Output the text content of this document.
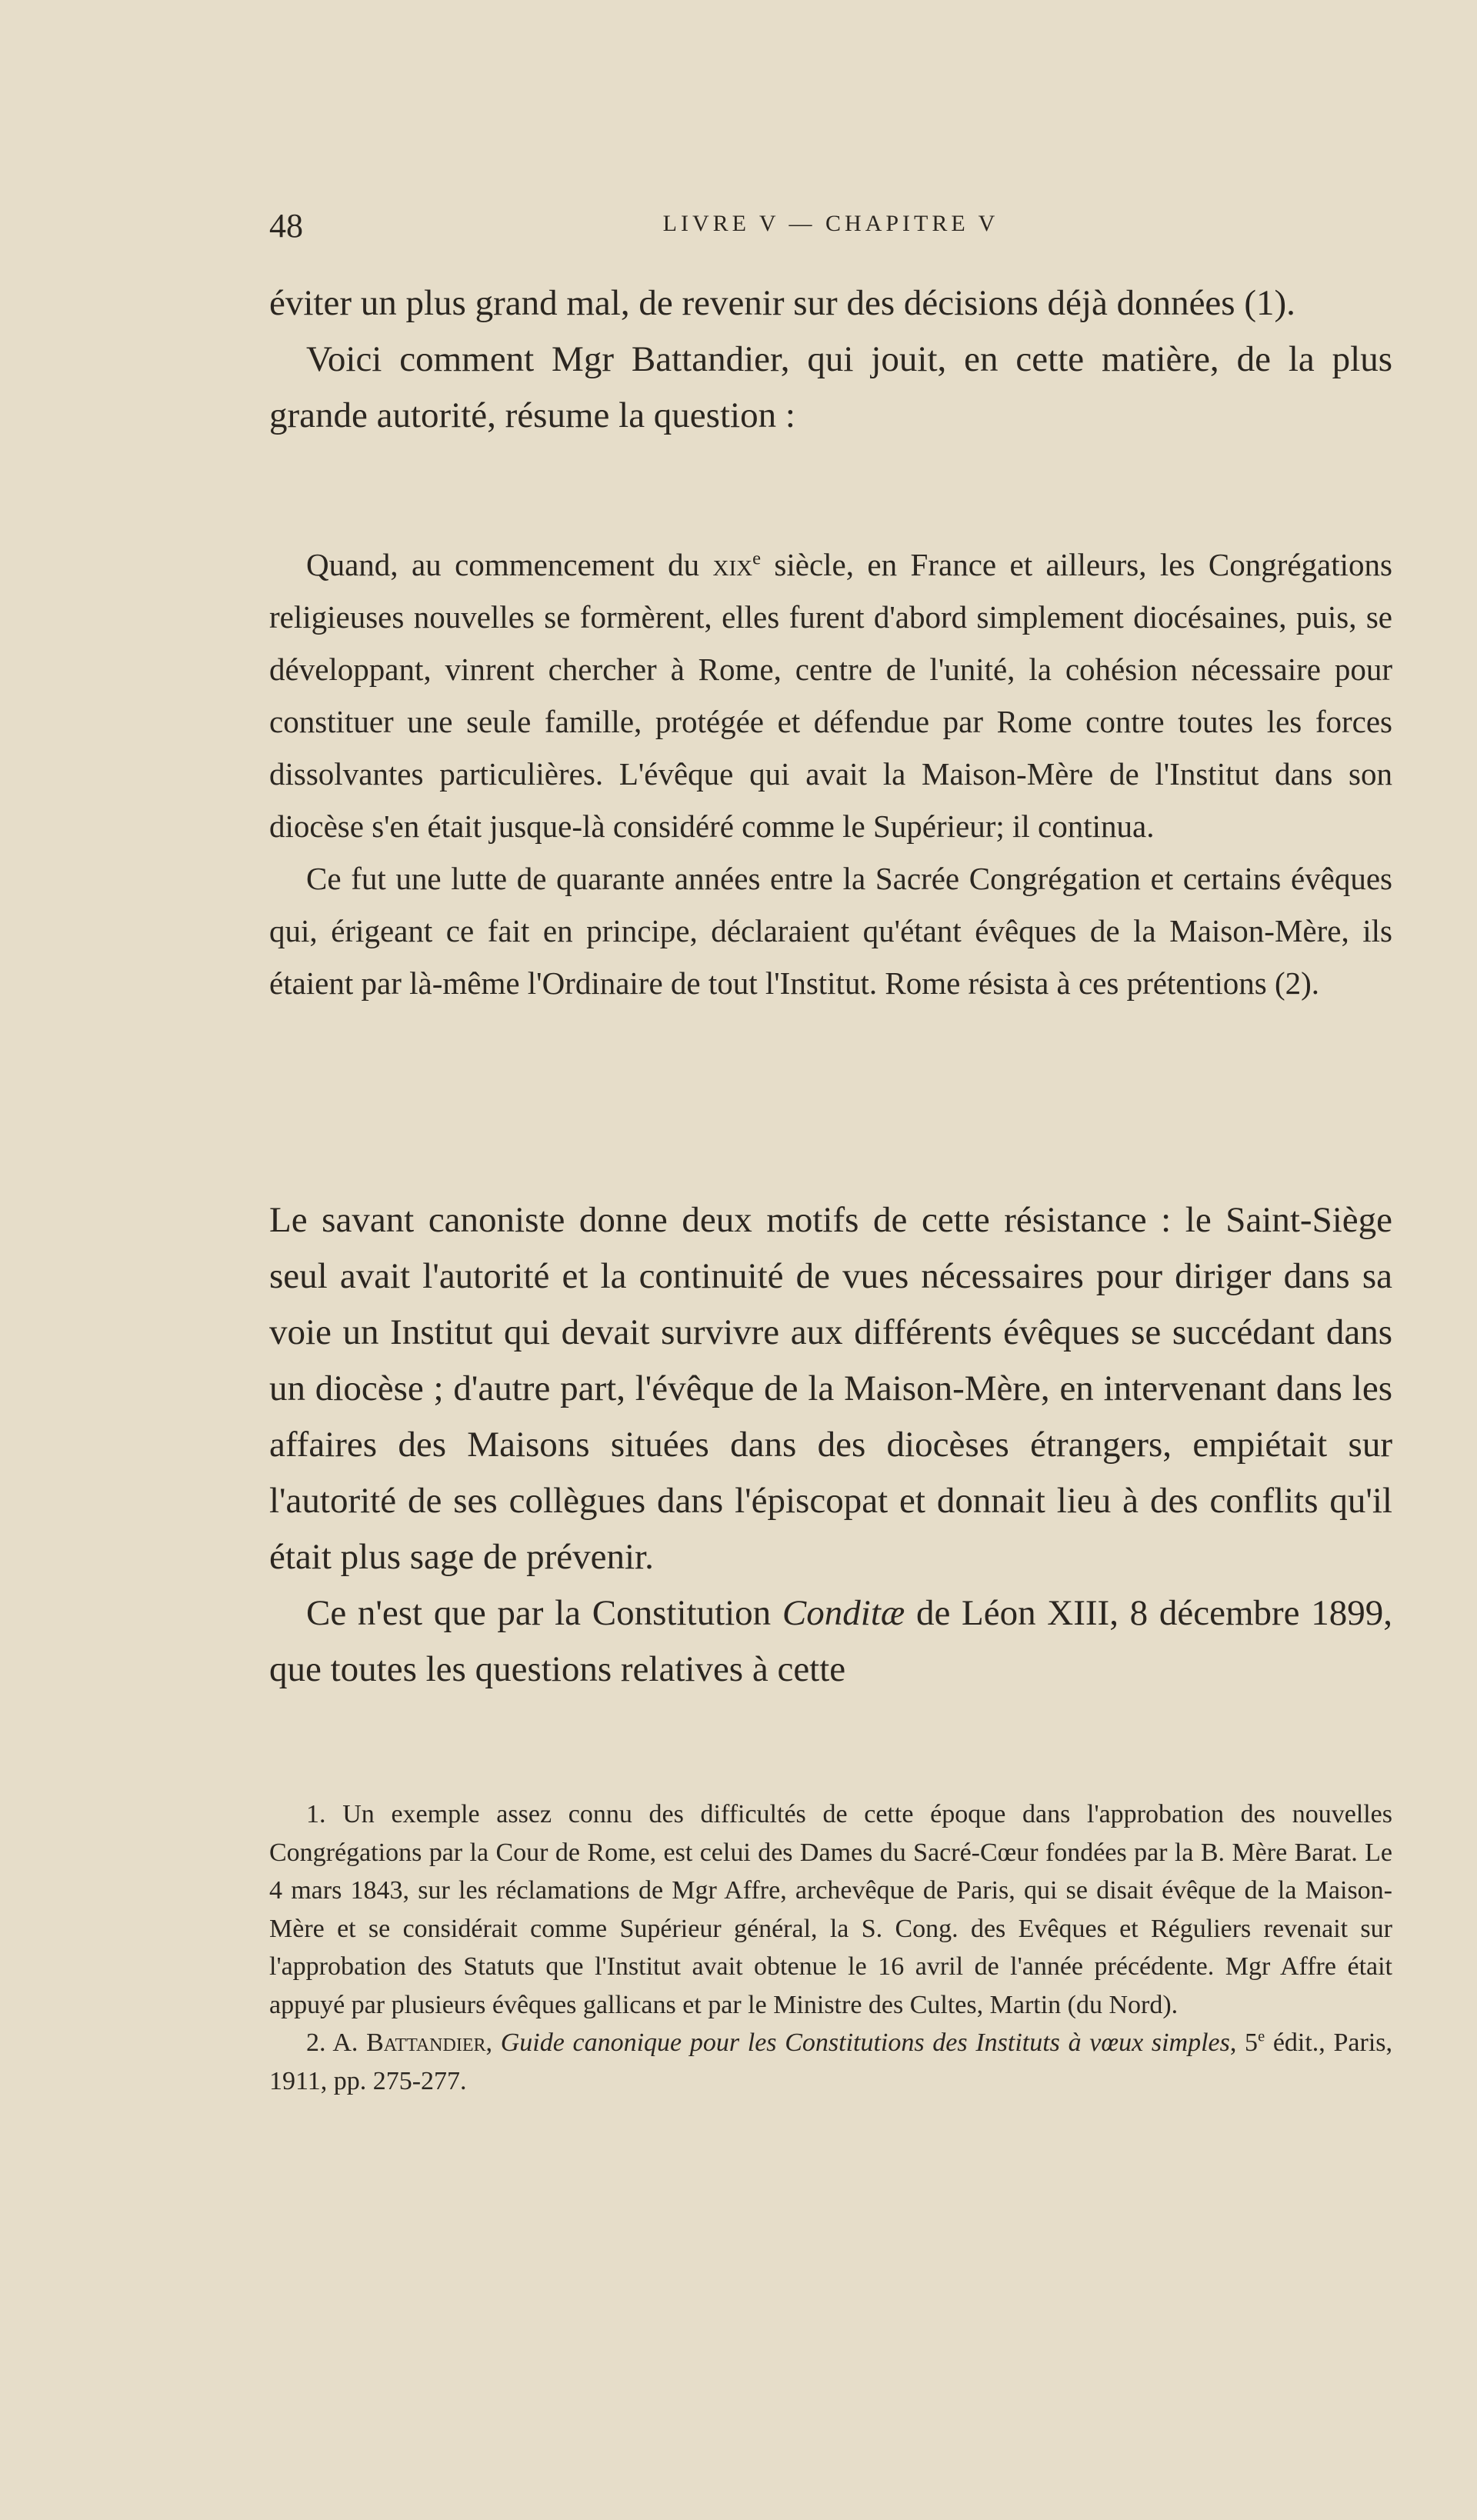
48	LIVRE V — CHAPITRE V

éviter un plus grand mal, de revenir sur des décisions déjà données (1).

Voici comment Mgr Battandier, qui jouit, en cette matière, de la plus grande autorité, résume la question :

Quand, au commencement du xix$^e$ siècle, en France et ailleurs, les Congrégations religieuses nouvelles se formèrent, elles furent d'abord simplement diocésaines, puis, se développant, vinrent chercher à Rome, centre de l'unité, la cohésion nécessaire pour constituer une seule famille, protégée et défendue par Rome contre toutes les forces dissolvantes particulières. L'évêque qui avait la Maison-Mère de l'Institut dans son diocèse s'en était jusque-là considéré comme le Supérieur; il continua.

Ce fut une lutte de quarante années entre la Sacrée Congrégation et certains évêques qui, érigeant ce fait en principe, déclaraient qu'étant évêques de la Maison-Mère, ils étaient par là-même l'Ordinaire de tout l'Institut. Rome résista à ces prétentions (2).

Le savant canoniste donne deux motifs de cette résistance : le Saint-Siège seul avait l'autorité et la continuité de vues nécessaires pour diriger dans sa voie un Institut qui devait survivre aux différents évêques se succédant dans un diocèse ; d'autre part, l'évêque de la Maison-Mère, en intervenant dans les affaires des Maisons situées dans des diocèses étrangers, empiétait sur l'autorité de ses collègues dans l'épiscopat et donnait lieu à des conflits qu'il était plus sage de prévenir.

Ce n'est que par la Constitution Conditæ de Léon XIII, 8 décembre 1899, que toutes les questions relatives à cette

1. Un exemple assez connu des difficultés de cette époque dans l'approbation des nouvelles Congrégations par la Cour de Rome, est celui des Dames du Sacré-Cœur fondées par la B. Mère Barat. Le 4 mars 1843, sur les réclamations de Mgr Affre, archevêque de Paris, qui se disait évêque de la Maison-Mère et se considérait comme Supérieur général, la S. Cong. des Evêques et Réguliers revenait sur l'approbation des Statuts que l'Institut avait obtenue le 16 avril de l'année précédente. Mgr Affre était appuyé par plusieurs évêques gallicans et par le Ministre des Cultes, Martin (du Nord).

2. A. Battandier, Guide canonique pour les Constitutions des Instituts à vœux simples, 5e édit., Paris, 1911, pp. 275-277.
